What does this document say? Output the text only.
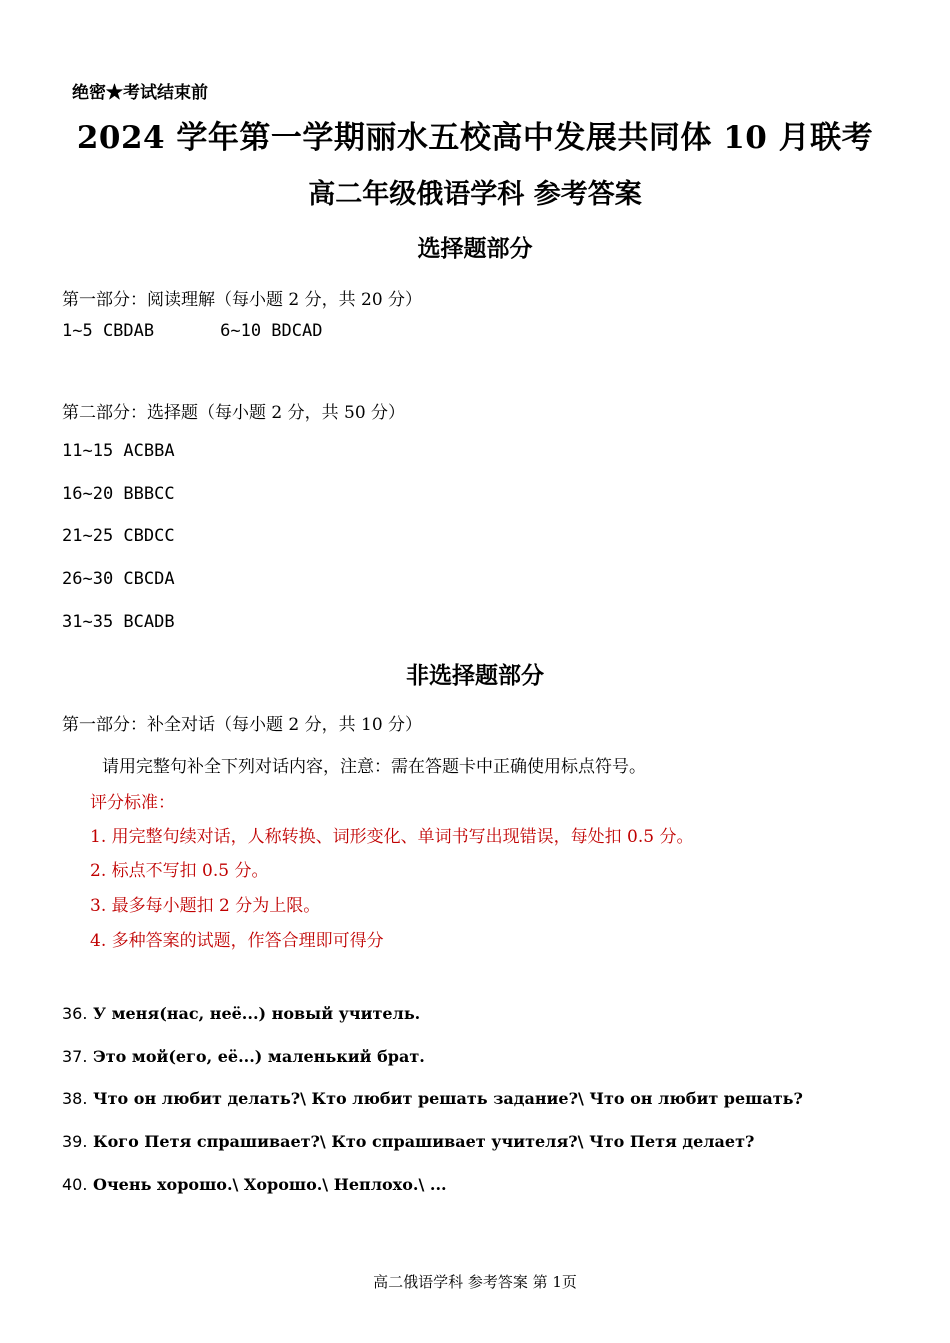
绝密★考试结束前
2024 学年第一学期丽水五校高中发展共同体 10 月联考
高二年级俄语学科 参考答案
选择题部分
第一部分：阅读理解（每小题 2 分，共 20 分）
1~5 CBDAB	6~10 BDCAD
第二部分：选择题（每小题 2 分，共 50 分）
11~15 ACBBA
16~20 BBBCC
21~25 CBDCC
26~30 CBCDA
31~35 BCADB
非选择题部分
第一部分：补全对话（每小题 2 分，共 10 分）
请用完整句补全下列对话内容，注意：需在答题卡中正确使用标点符号。
评分标准：
1. 用完整句续对话，人称转换、词形变化、单词书写出现错误，每处扣 0.5 分。
2. 标点不写扣 0.5 分。
3. 最多每小题扣 2 分为上限。
4. 多种答案的试题，作答合理即可得分
36. У меня(нас, неё...) новый учитель.
37. Это мой(его, её...) маленький брат.
38. Что он любит делать?\ Кто любит решать задание?\ Что он любит решать?
39. Кого Петя спрашивает?\ Кто спрашивает учителя?\ Что Петя делает?
40. Очень хорошо.\ Хорошо.\ Неплохо.\ ...
高二俄语学科 参考答案 第 1页
